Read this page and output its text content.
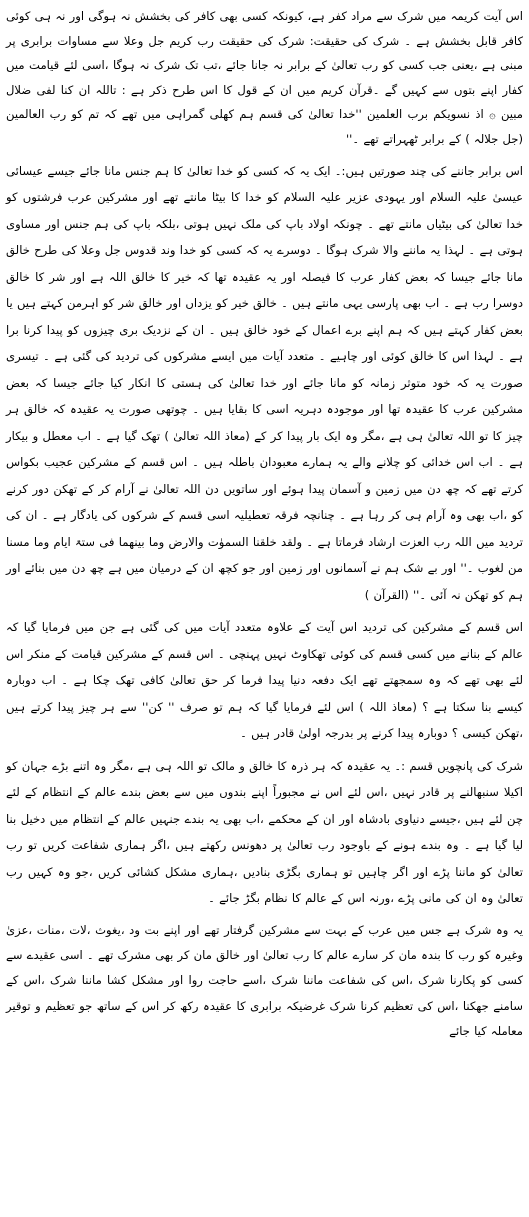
اس آیت کریمہ میں شرک سے مراد کفر ہے، کیونکہ کسی بھی کافر کی بخشش نہ ہوگی اور نہ ہی کوئی کافر قابل بخشش ہے ۔ شرک کی حقیقت: شرک کی حقیقت رب کریم جل وعلا سے مساوات برابری پر مبنی ہے ،یعنی جب کسی کو رب تعالیٰ کے برابر نہ جانا جائے ،تب تک شرک نہ ہوگا ،اسی لئے قیامت میں کفار اپنے بتوں سے کہیں گے ۔قرآن کریم میں ان کے قول کا اس طرح ذکر ہے : تاللہ ان کنا لفی ضلال مبین ۞ اذ نسویکم برب العلمین ''خدا تعالیٰ کی قسم ہم کھلی گمراہی میں تھے کہ تم کو رب العالمین (جل جلالہ ) کے برابر ٹھہراتے تھے ۔''

اس برابر جاننے کی چند صورتیں ہیں:۔ ایک یہ کہ کسی کو خدا تعالیٰ کا ہم جنس مانا جائے جیسے عیسائی عیسیٰ علیہ السلام اور یہودی عزیر علیہ السلام کو خدا کا بیٹا مانتے تھے اور مشرکین عرب فرشتوں کو خدا تعالیٰ کی بیٹیاں مانتے تھے ۔ چونکہ اولاد باپ کی ملک نہیں ہوتی ،بلکہ باپ کی ہم جنس اور مساوی ہوتی ہے ۔ لہذا یہ ماننے والا شرک ہوگا ۔ دوسرے یہ کہ کسی کو خدا وند قدوس جل وعلا کی طرح خالق مانا جائے جیسا کہ بعض کفار عرب کا فیصلہ اور یہ عقیدہ تھا کہ خیر کا خالق اللہ ہے اور شر کا خالق دوسرا رب ہے ۔ اب بھی پارسی یہی مانتے ہیں ۔ خالق خیر کو یزداں اور خالق شر کو اہرمن کہتے ہیں یا بعض کفار کہتے ہیں کہ ہم اپنے برے اعمال کے خود خالق ہیں ۔ ان کے نزدیک بری چیزوں کو پیدا کرنا برا ہے ۔ لہذا اس کا خالق کوئی اور چاہیے ۔ متعدد آیات میں ایسے مشرکوں کی تردید کی گئی ہے ۔ تیسری صورت یہ کہ خود متوثر زمانہ کو مانا جائے اور خدا تعالیٰ کی ہستی کا انکار کیا جائے جیسا کہ بعض مشرکین عرب کا عقیدہ تھا اور موجودہ دہریہ اسی کا بقایا ہیں ۔ چوتھی صورت یہ عقیدہ کہ خالق ہر چیز کا تو اللہ تعالیٰ ہی ہے ،مگر وہ ایک بار پیدا کر کے (معاذ اللہ تعالیٰ ) تھک گیا ہے ۔ اب معطل و بیکار ہے ۔ اب اس خدائی کو چلانے والے یہ ہمارے معبودان باطلہ ہیں ۔ اس قسم کے مشرکین عجیب بکواس کرتے تھے کہ چھ دن میں زمین و آسمان پیدا ہوئے اور ساتویں دن اللہ تعالیٰ نے آرام کر کے تھکن دور کرنے کو ،اب بھی وہ آرام ہی کر رہا ہے ۔ چنانچہ فرقہ تعطیلیہ اسی قسم کے شرکوں کی یادگار ہے ۔ ان کی تردید میں اللہ رب العزت ارشاد فرماتا ہے ۔ ولقد خلقنا السموٰت والارض وما بینھما فی ستۃ ایام وما مسنا من لغوب ۔'' اور بے شک ہم نے آسمانوں اور زمین اور جو کچھ ان کے درمیان میں ہے چھ دن میں بنائے اور ہم کو تھکن نہ آئی ۔'' (القرآن )

اس قسم کے مشرکین کی تردید اس آیت کے علاوہ متعدد آیات میں کی گئی ہے جن میں فرمایا گیا کہ عالم کے بنانے میں کسی قسم کی کوئی تھکاوٹ نہیں پہنچی ۔ اس قسم کے مشرکین قیامت کے منکر اس لئے بھی تھے کہ وہ سمجھتے تھے ایک دفعہ دنیا پیدا فرما کر حق تعالیٰ کافی تھک چکا ہے ۔ اب دوبارہ کیسے بنا سکتا ہے ؟ (معاذ اللہ ) اس لئے فرمایا گیا کہ ہم تو صرف '' کن'' سے ہر چیز پیدا کرتے ہیں ،تھکن کیسی ؟ دوبارہ پیدا کرنے پر بدرجہ اولیٰ قادر ہیں ۔

شرک کی پانچویں قسم :۔ یہ عقیدہ کہ ہر ذرہ کا خالق و مالک تو اللہ ہی ہے ،مگر وہ اتنے بڑے جہان کو اکیلا سنبھالنے پر قادر نہیں ،اس لئے اس نے مجبوراً اپنے بندوں میں سے بعض بندے عالم کے انتظام کے لئے چن لئے ہیں ،جیسے دنیاوی بادشاہ اور ان کے محکمے ،اب بھی یہ بندے جنہیں عالم کے انتظام میں دخیل بنا لیا گیا ہے ۔ وہ بندے ہونے کے باوجود رب تعالیٰ پر دھونس رکھتے ہیں ،اگر ہماری شفاعت کریں تو رب تعالیٰ کو ماننا پڑے اور اگر چاہیں تو ہماری بگڑی بنادیں ،ہماری مشکل کشائی کریں ،جو وہ کہیں رب تعالیٰ وہ ان کی مانی پڑے ،ورنہ اس کے عالم کا نظام بگڑ جائے ۔

یہ وہ شرک ہے جس میں عرب کے بہت سے مشرکین گرفتار تھے اور اپنے بت ود ،یغوث ،لات ،منات ،عزیٰ وغیرہ کو رب کا بندہ مان کر سارے عالم کا رب تعالیٰ اور خالق مان کر بھی مشرک تھے ۔ اسی عقیدے سے کسی کو پکارنا شرک ،اس کی شفاعت ماننا شرک ،اسے حاجت روا اور مشکل کشا ماننا شرک ،اس کے سامنے جھکنا ،اس کی تعظیم کرنا شرک غرضیکہ برابری کا عقیدہ رکھ کر اس کے ساتھ جو تعظیم و توقیر معاملہ کیا جائے
